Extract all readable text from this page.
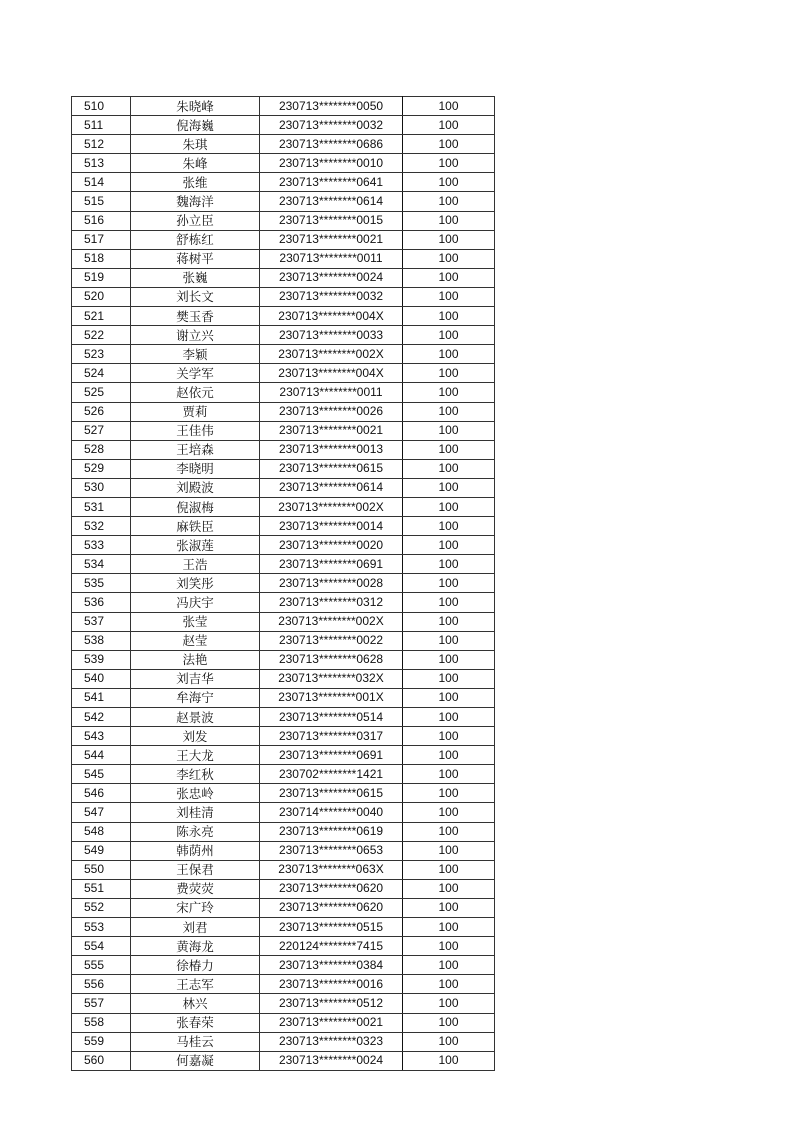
510	朱晓峰	230713********0050	100
511	倪海巍	230713********0032	100
512	朱琪	230713********0686	100
513	朱峰	230713********0010	100
514	张维	230713********0641	100
515	魏海洋	230713********0614	100
516	孙立臣	230713********0015	100
517	舒栋红	230713********0021	100
518	蒋树平	230713********0011	100
519	张巍	230713********0024	100
520	刘长文	230713********0032	100
521	樊玉香	230713********004X	100
522	谢立兴	230713********0033	100
523	李颖	230713********002X	100
524	关学军	230713********004X	100
525	赵依元	230713********0011	100
526	贾莉	230713********0026	100
527	王佳伟	230713********0021	100
528	王培森	230713********0013	100
529	李晓明	230713********0615	100
530	刘殿波	230713********0614	100
531	倪淑梅	230713********002X	100
532	麻铁臣	230713********0014	100
533	张淑莲	230713********0020	100
534	王浩	230713********0691	100
535	刘笑彤	230713********0028	100
536	冯庆宇	230713********0312	100
537	张莹	230713********002X	100
538	赵莹	230713********0022	100
539	法艳	230713********0628	100
540	刘吉华	230713********032X	100
541	牟海宁	230713********001X	100
542	赵景波	230713********0514	100
543	刘发	230713********0317	100
544	王大龙	230713********0691	100
545	李红秋	230702********1421	100
546	张忠岭	230713********0615	100
547	刘桂清	230714********0040	100
548	陈永亮	230713********0619	100
549	韩荫州	230713********0653	100
550	王保君	230713********063X	100
551	费荧荧	230713********0620	100
552	宋广玲	230713********0620	100
553	刘君	230713********0515	100
554	黄海龙	220124********7415	100
555	徐椿力	230713********0384	100
556	王志军	230713********0016	100
557	林兴	230713********0512	100
558	张春荣	230713********0021	100
559	马桂云	230713********0323	100
560	何嘉凝	230713********0024	100
